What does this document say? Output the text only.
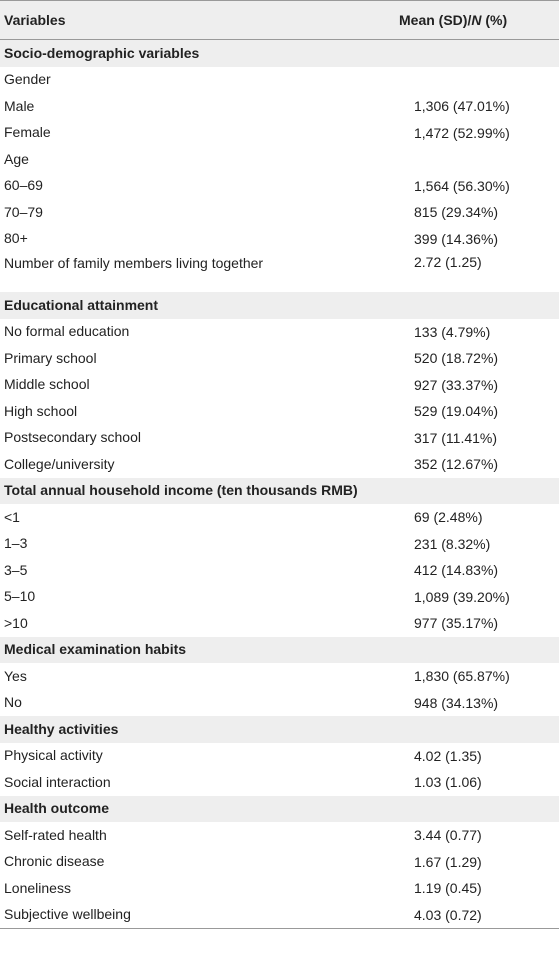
Variables	Mean (SD)/N (%)
Socio-demographic variables
Gender
Male	1,306 (47.01%)
Female	1,472 (52.99%)
Age
60–69	1,564 (56.30%)
70–79	815 (29.34%)
80+	399 (14.36%)
Number of family members living together	2.72 (1.25)
Educational attainment
No formal education	133 (4.79%)
Primary school	520 (18.72%)
Middle school	927 (33.37%)
High school	529 (19.04%)
Postsecondary school	317 (11.41%)
College/university	352 (12.67%)
Total annual household income (ten thousands RMB)
<1	69 (2.48%)
1–3	231 (8.32%)
3–5	412 (14.83%)
5–10	1,089 (39.20%)
>10	977 (35.17%)
Medical examination habits
Yes	1,830 (65.87%)
No	948 (34.13%)
Healthy activities
Physical activity	4.02 (1.35)
Social interaction	1.03 (1.06)
Health outcome
Self-rated health	3.44 (0.77)
Chronic disease	1.67 (1.29)
Loneliness	1.19 (0.45)
Subjective wellbeing	4.03 (0.72)
